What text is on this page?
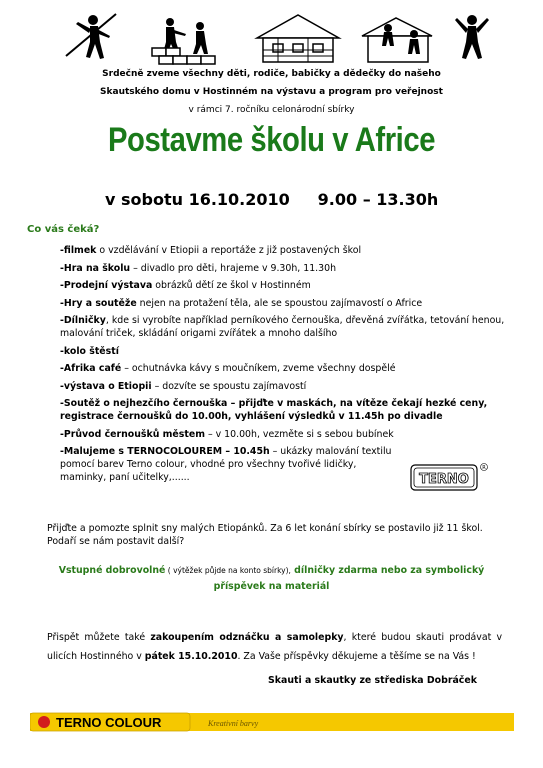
Srdečně zveme všechny děti, rodiče, babičky a dědečky do našeho
Skautského domu v Hostinném na výstavu a program pro veřejnost
v rámci 7. ročníku celonárodní sbírky
Postavme školu v Africe
v sobotu 16.10.2010     9.00 – 13.30h
Co vás čeká?
-filmek o vzdělávání v Etiopii a reportáže z již postavených škol
-Hra na školu – divadlo pro děti, hrajeme v 9.30h, 11.30h
-Prodejní výstava obrázků dětí ze škol v Hostinném
-Hry a soutěže nejen na protažení těla, ale se spoustou zajímavostí o Africe
-Dílničky, kde si vyrobíte například perníkového černouška, dřevěná zvířátka, tetování henou, malování triček, skládání origami zvířátek a mnoho dalšího
-kolo štěstí
-Afrika café – ochutnávka kávy s moučníkem, zveme všechny dospělé
-výstava o Etiopii – dozvíte se spoustu zajímavostí
-Soutěž o nejhezčího černouška – přijďte v maskách, na vítěze čekají hezké ceny, registrace černoušků do 10.00h, vyhlášení výsledků v 11.45h po divadle
-Průvod černoušků městem – v 10.00h, vezměte si s sebou bubínek
-Malujeme s TERNOCOLOUREM – 10.45h – ukázky malování textilu pomocí barev Terno colour, vhodné pro všechny tvořivé lidičky, maminky, paní učitelky,......	TERNO
R
Přijďte a pomozte splnit sny malých Etiopánků. Za 6 let konání sbírky se postavilo již 11 škol. Podaří se nám postavit další?
Vstupné dobrovolné ( výtěžek půjde na konto sbírky), dílničky zdarma nebo za symbolický
příspěvek na materiál
Přispět můžete také zakoupením odznáčku a samolepky, které budou skauti prodávat v ulicích Hostinného v pátek 15.10.2010. Za Vaše příspěvky děkujeme a těšíme se na Vás !
Skauti a skautky ze střediska Dobráček
TERNO COLOUR	Kreativní barvy
